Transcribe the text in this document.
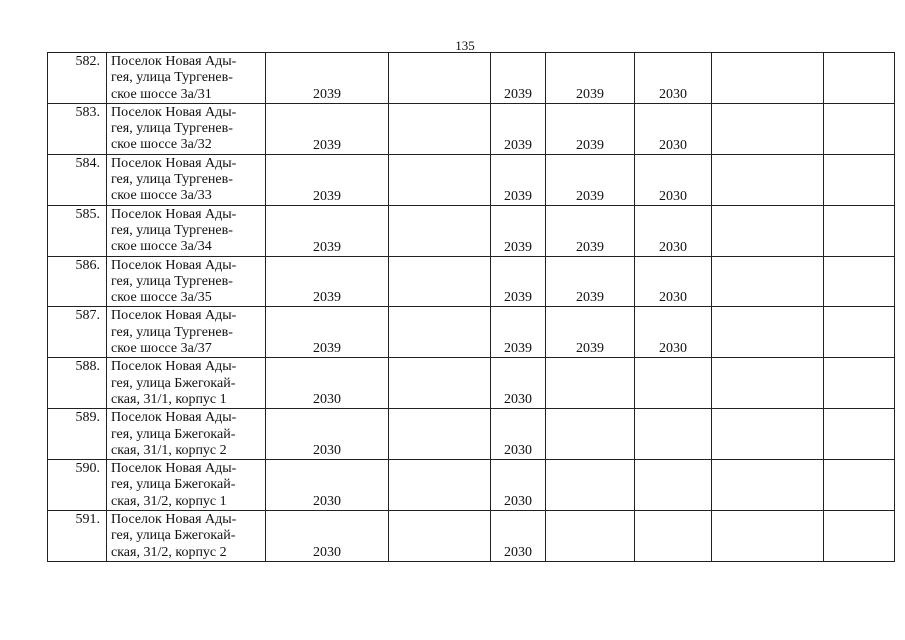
135
582.	Поселок Новая Ады-
гея, улица Тургенев-
ское шоссе 3а/31	2039		2039	2039	2030		
583.	Поселок Новая Ады-
гея, улица Тургенев-
ское шоссе 3а/32	2039		2039	2039	2030		
584.	Поселок Новая Ады-
гея, улица Тургенев-
ское шоссе 3а/33	2039		2039	2039	2030		
585.	Поселок Новая Ады-
гея, улица Тургенев-
ское шоссе 3а/34	2039		2039	2039	2030		
586.	Поселок Новая Ады-
гея, улица Тургенев-
ское шоссе 3а/35	2039		2039	2039	2030		
587.	Поселок Новая Ады-
гея, улица Тургенев-
ское шоссе 3а/37	2039		2039	2039	2030		
588.	Поселок Новая Ады-
гея, улица Бжегокай-
ская, 31/1, корпус 1	2030		2030				
589.	Поселок Новая Ады-
гея, улица Бжегокай-
ская, 31/1, корпус 2	2030		2030				
590.	Поселок Новая Ады-
гея, улица Бжегокай-
ская, 31/2, корпус 1	2030		2030				
591.	Поселок Новая Ады-
гея, улица Бжегокай-
ская, 31/2, корпус 2	2030		2030				
